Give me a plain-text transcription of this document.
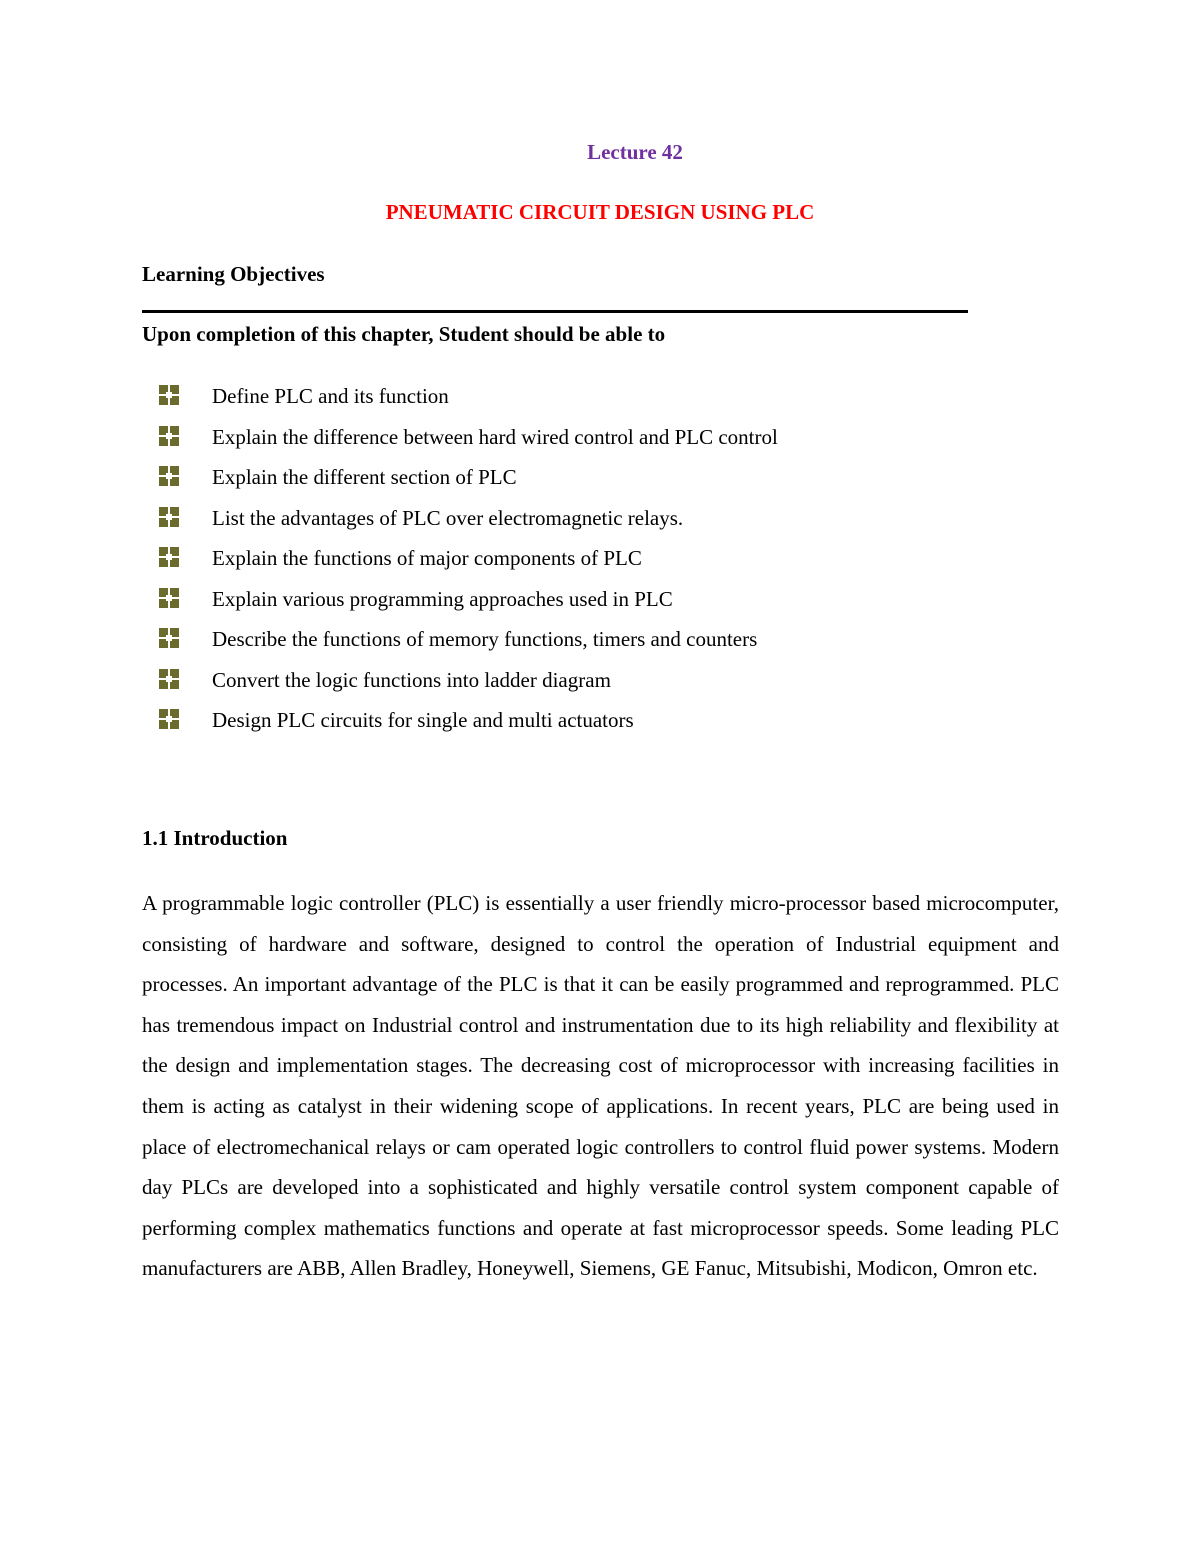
Lecture 42
PNEUMATIC CIRCUIT DESIGN USING PLC
Learning Objectives
Upon completion of this chapter, Student should be able to
Define PLC and its function
Explain the difference between hard wired control and PLC control
Explain the different section of PLC
List the advantages of PLC over electromagnetic relays.
Explain the functions of major components of PLC
Explain various programming approaches used in PLC
Describe the functions of memory functions, timers and counters
Convert the logic functions into ladder diagram
Design PLC circuits for single and multi actuators
1.1 Introduction

A programmable logic controller (PLC) is essentially a user friendly micro-processor based microcomputer, consisting of hardware and software, designed to control the operation of Industrial equipment and processes. An important advantage of the PLC is that it can be easily programmed and reprogrammed. PLC has tremendous impact on Industrial control and instrumentation due to its high reliability and flexibility at the design and implementation stages. The decreasing cost of microprocessor with increasing facilities in them is acting as catalyst in their widening scope of applications. In recent years, PLC are being used in place of electromechanical relays or cam operated logic controllers to control fluid power systems. Modern day PLCs are developed into a sophisticated and highly versatile control system component capable of performing complex mathematics functions and operate at fast microprocessor speeds. Some leading PLC manufacturers are ABB, Allen Bradley, Honeywell, Siemens, GE Fanuc, Mitsubishi, Modicon, Omron etc.
